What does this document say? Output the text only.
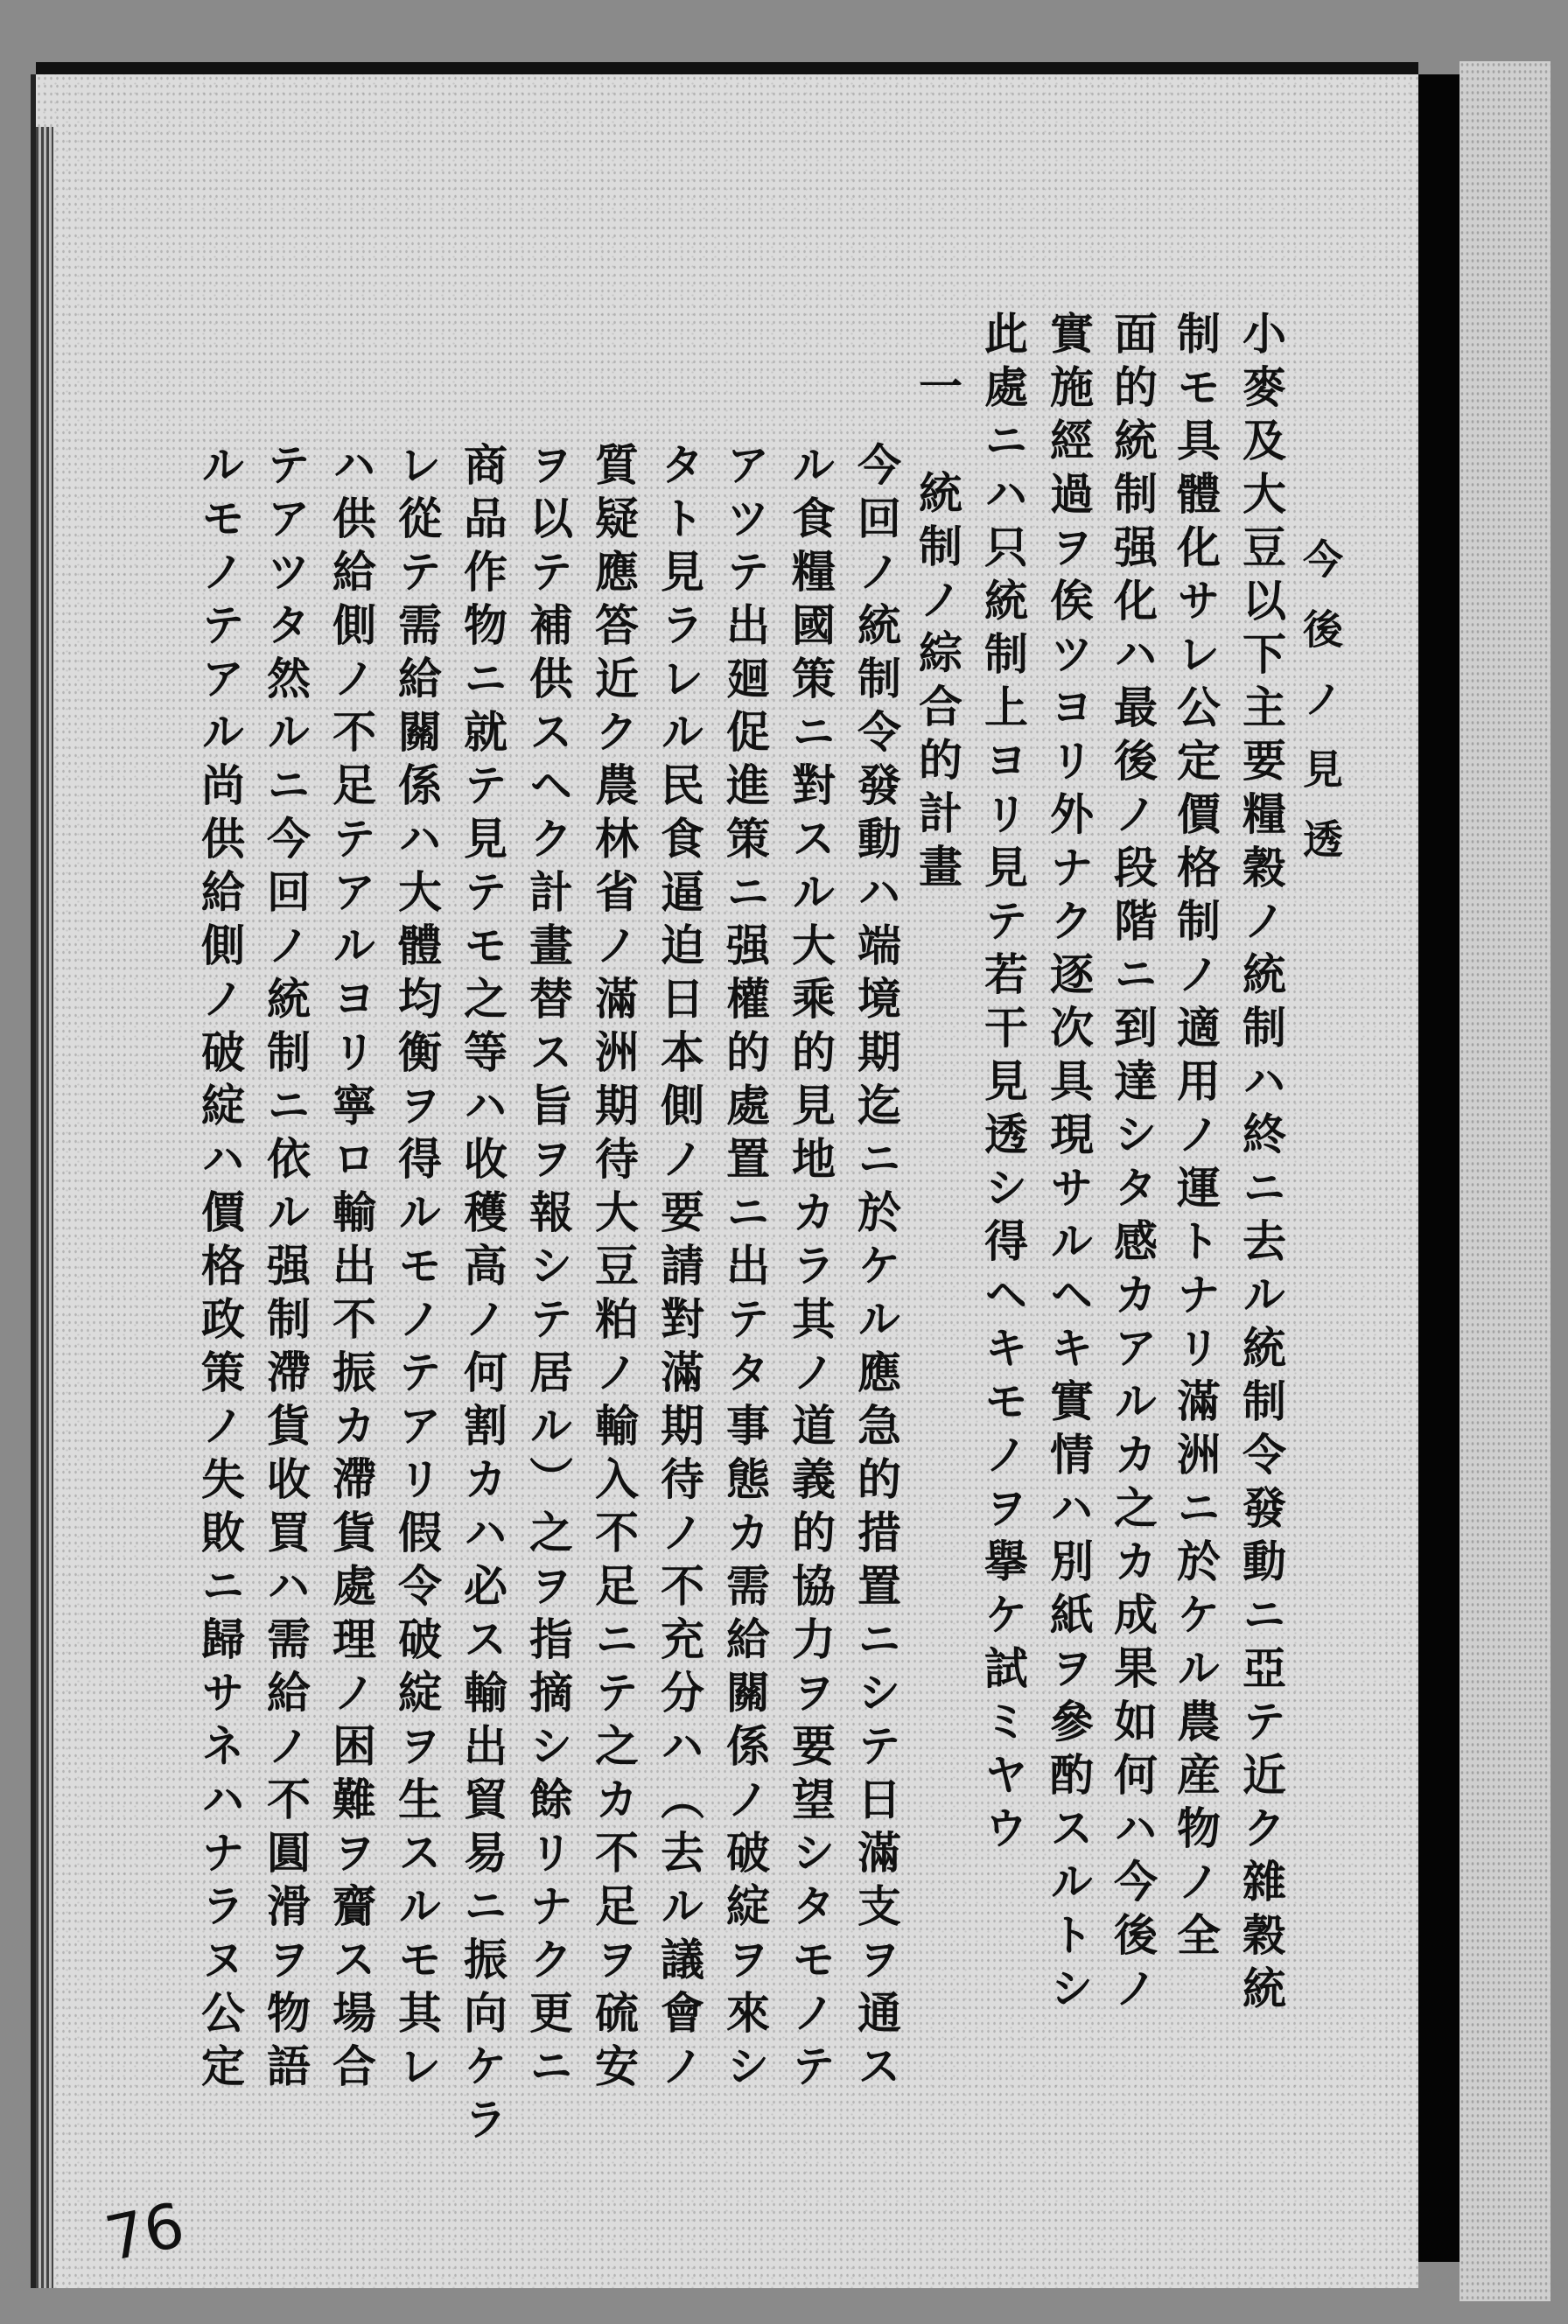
今後ノ見透
小麥及大豆以下主要糧穀ノ統制ハ終ニ去ル統制令發動ニ亞テ近ク雜穀統
制モ具體化サレ公定價格制ノ適用ノ運トナリ滿洲ニ於ケル農産物ノ全
面的統制强化ハ最後ノ段階ニ到達シタ感カアルカ之カ成果如何ハ今後ノ
實施經過ヲ俟ツヨリ外ナク逐次具現サルヘキ實情ハ別紙ヲ參酌スルトシ
此處ニハ只統制上ヨリ見テ若干見透シ得ヘキモノヲ擧ケ試ミヤウ
一　統制ノ綜合的計畫
今回ノ統制令發動ハ端境期迄ニ於ケル應急的措置ニシテ日滿支ヲ通ス
ル食糧國策ニ對スル大乘的見地カラ其ノ道義的協力ヲ要望シタモノテ
アツテ出廻促進策ニ强權的處置ニ出テタ事態カ需給關係ノ破綻ヲ來シ
タト見ラレル民食逼迫日本側ノ要請對滿期待ノ不充分ハ（去ル議會ノ
質疑應答近ク農林省ノ滿洲期待大豆粕ノ輸入不足ニテ之カ不足ヲ硫安
ヲ以テ補供スヘク計畫替ス旨ヲ報シテ居ル）之ヲ指摘シ餘リナク更ニ
商品作物ニ就テ見テモ之等ハ收穫高ノ何割カハ必ス輸出貿易ニ振向ケラ
レ從テ需給關係ハ大體均衡ヲ得ルモノテアリ假令破綻ヲ生スルモ其レ
ハ供給側ノ不足テアルヨリ寧ロ輸出不振カ滯貨處理ノ困難ヲ齎ス場合
テアツタ然ルニ今回ノ統制ニ依ル强制滯貨收買ハ需給ノ不圓滑ヲ物語
ルモノテアル尚供給側ノ破綻ハ價格政策ノ失敗ニ歸サネハナラヌ公定
76
